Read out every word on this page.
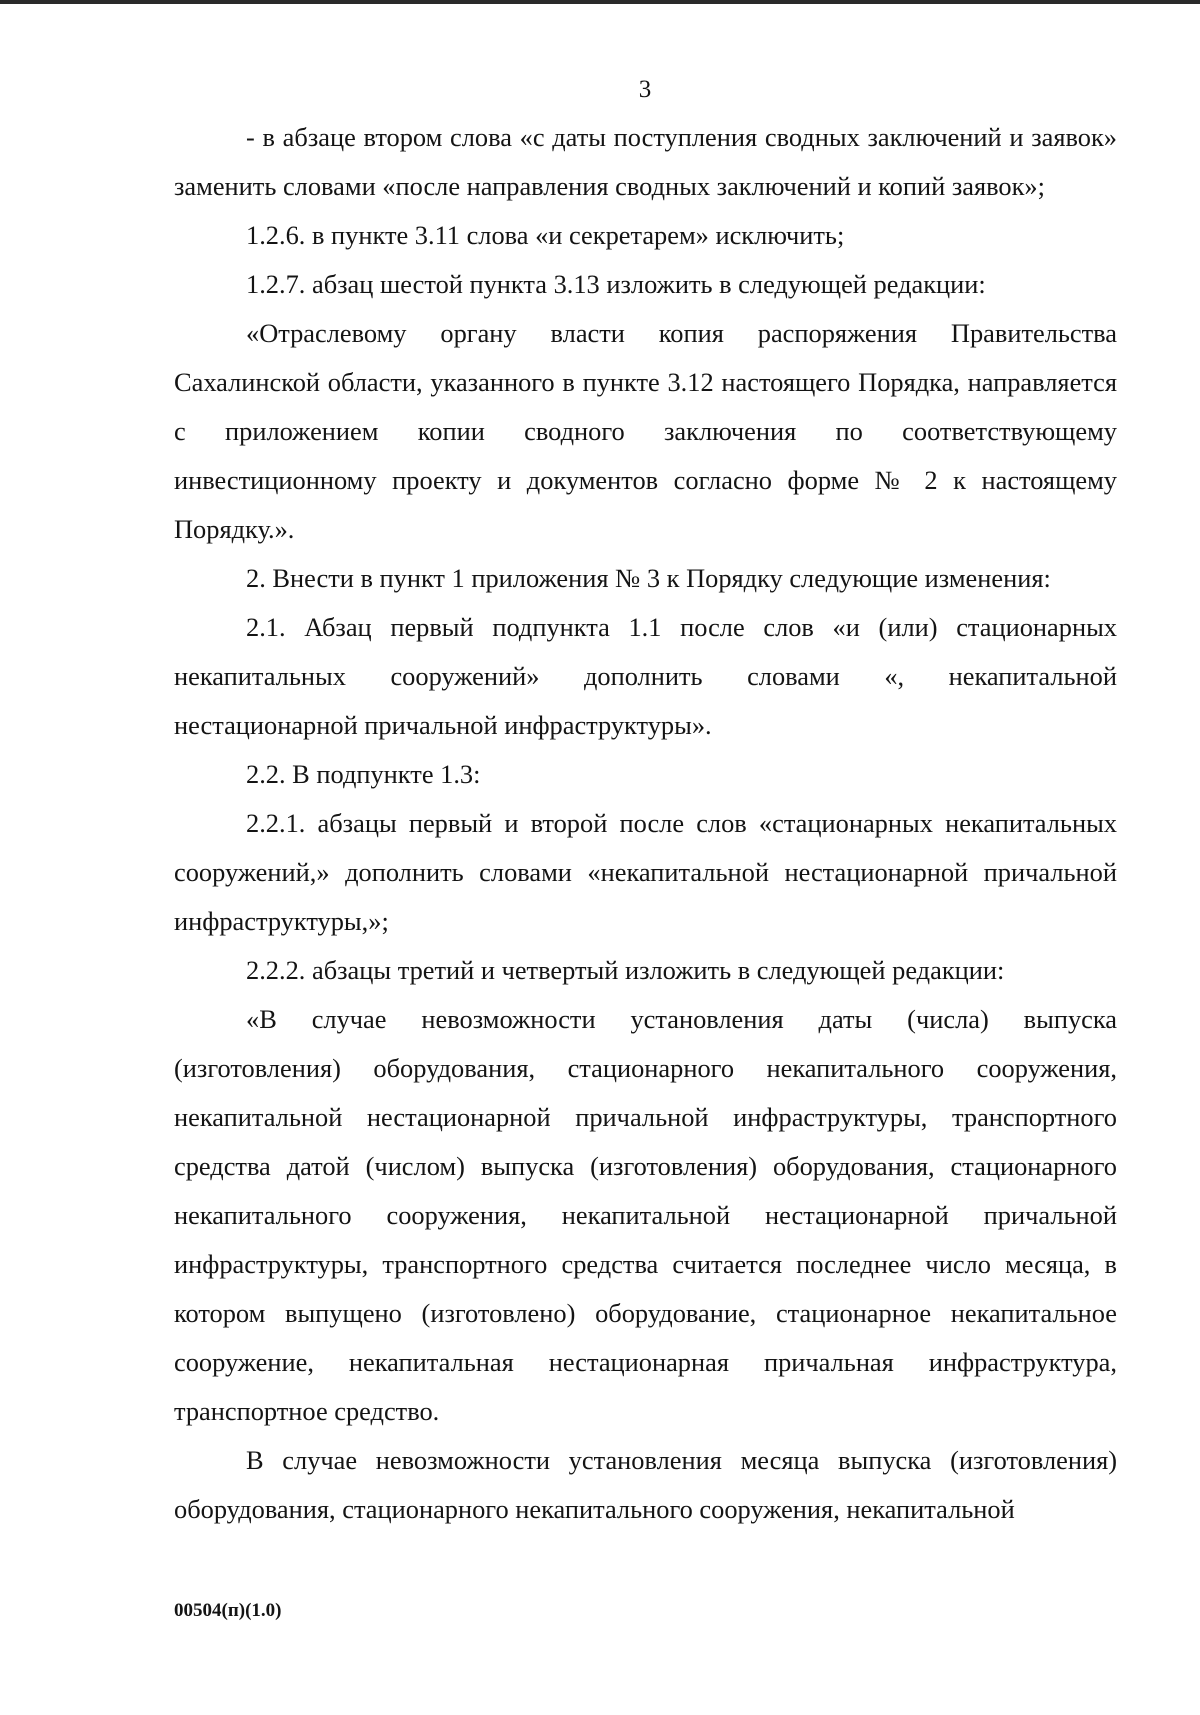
3

- в абзаце втором слова «с даты поступления сводных заключений и заявок» заменить словами «после направления сводных заключений и копий заявок»;

1.2.6. в пункте 3.11 слова «и секретарем» исключить;

1.2.7. абзац шестой пункта 3.13 изложить в следующей редакции:

«Отраслевому органу власти копия распоряжения Правительства Сахалинской области, указанного в пункте 3.12 настоящего Порядка, направляется с приложением копии сводного заключения по соответствующему инвестиционному проекту и документов согласно форме № 2 к настоящему Порядку.».

2. Внести в пункт 1 приложения № 3 к Порядку следующие изменения:

2.1. Абзац первый подпункта 1.1 после слов «и (или) стационарных некапитальных сооружений» дополнить словами «, некапитальной нестационарной причальной инфраструктуры».

2.2. В подпункте 1.3:

2.2.1. абзацы первый и второй после слов «стационарных некапитальных сооружений,» дополнить словами «некапитальной нестационарной причальной инфраструктуры,»;

2.2.2. абзацы третий и четвертый изложить в следующей редакции:

«В случае невозможности установления даты (числа) выпуска (изготовления) оборудования, стационарного некапитального сооружения, некапитальной нестационарной причальной инфраструктуры, транспортного средства датой (числом) выпуска (изготовления) оборудования, стационарного некапитального сооружения, некапитальной нестационарной причальной инфраструктуры, транспортного средства считается последнее число месяца, в котором выпущено (изготовлено) оборудование, стационарное некапитальное сооружение, некапитальная нестационарная причальная инфраструктура, транспортное средство.

В случае невозможности установления месяца выпуска (изготовления) оборудования, стационарного некапитального сооружения, некапитальной

00504(п)(1.0)
